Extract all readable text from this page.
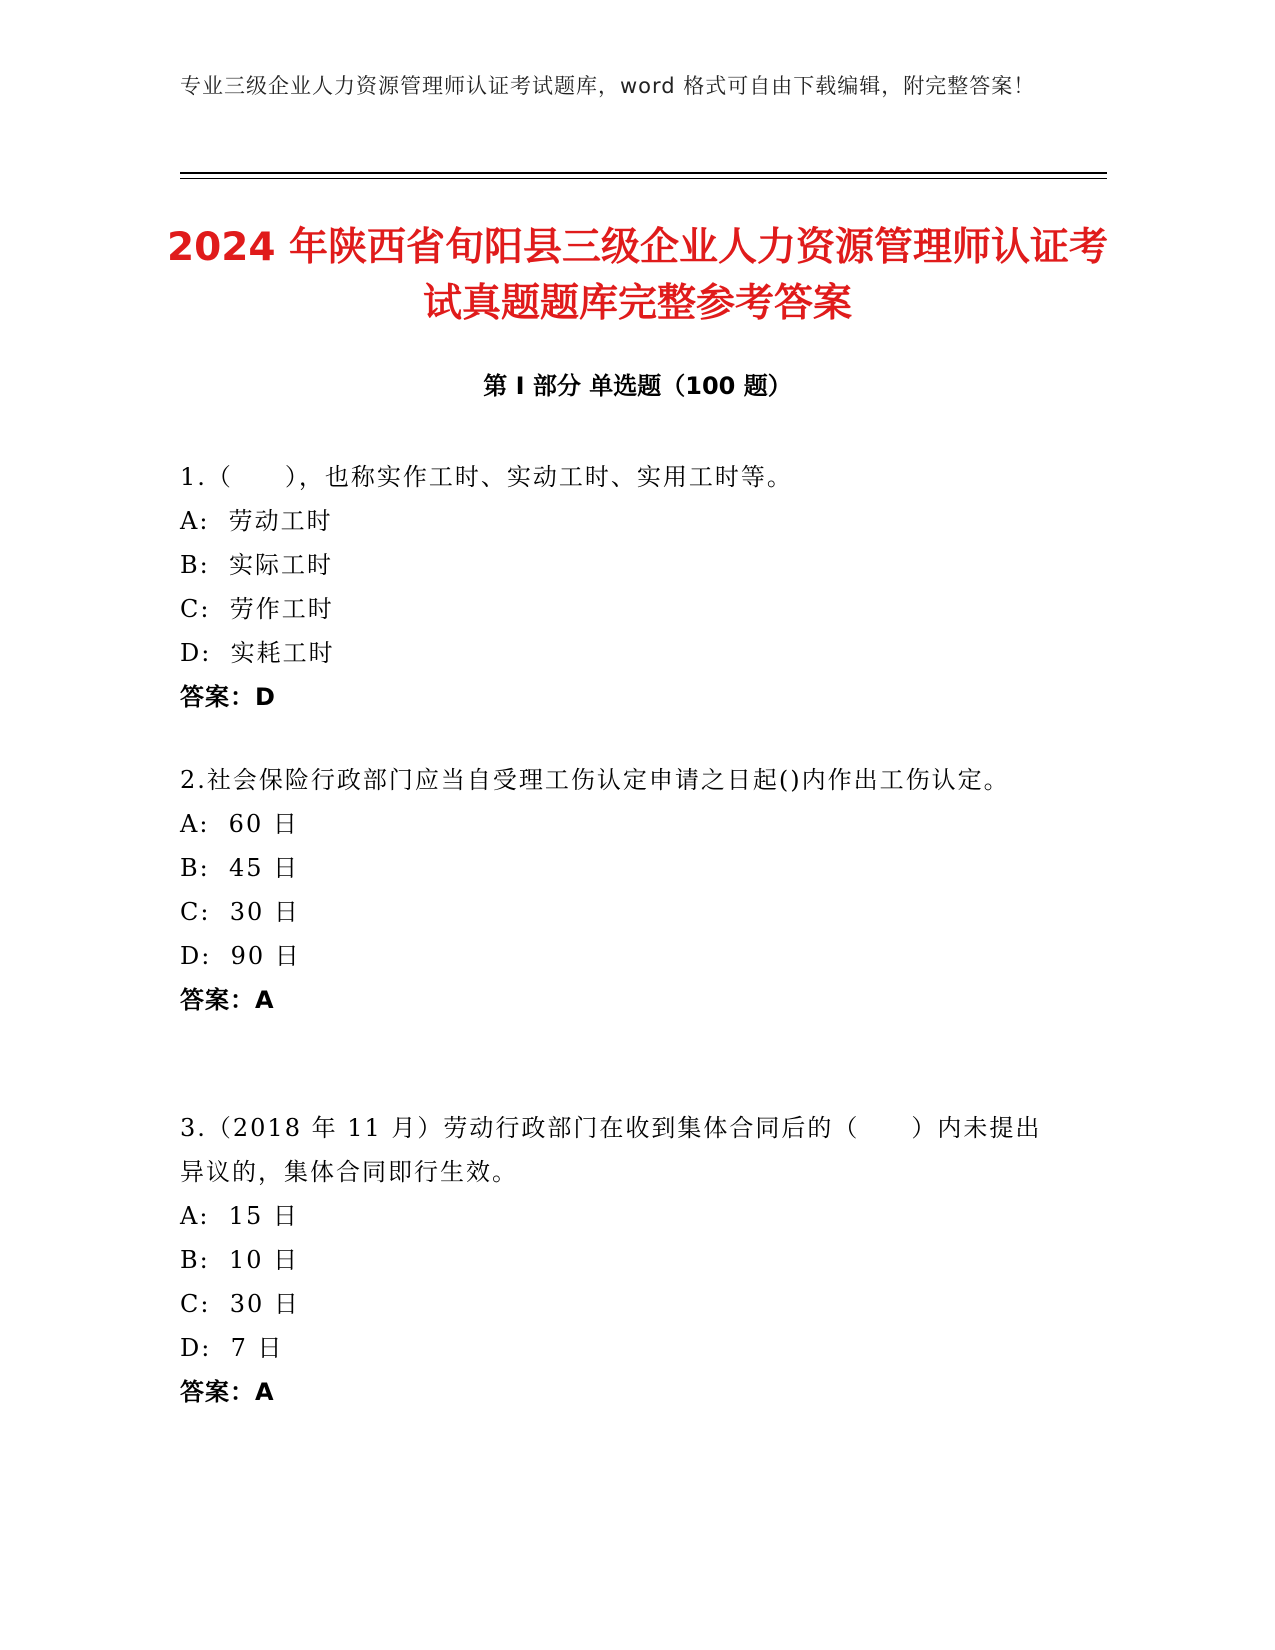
专业三级企业人力资源管理师认证考试题库，word 格式可自由下载编辑，附完整答案！
2024 年陕西省旬阳县三级企业人力资源管理师认证考试真题题库完整参考答案
第 I 部分 单选题（100 题）

1.（　　），也称实作工时、实动工时、实用工时等。

A:  劳动工时

B:  实际工时

C:  劳作工时

D:  实耗工时

答案：D

2.社会保险行政部门应当自受理工伤认定申请之日起()内作出工伤认定。

A:  60 日

B:  45 日

C:  30 日

D:  90 日

答案：A

3.（2018 年 11 月）劳动行政部门在收到集体合同后的（　　）内未提出异议的，集体合同即行生效。

A:  15 日

B:  10 日

C:  30 日

D:  7 日

答案：A
